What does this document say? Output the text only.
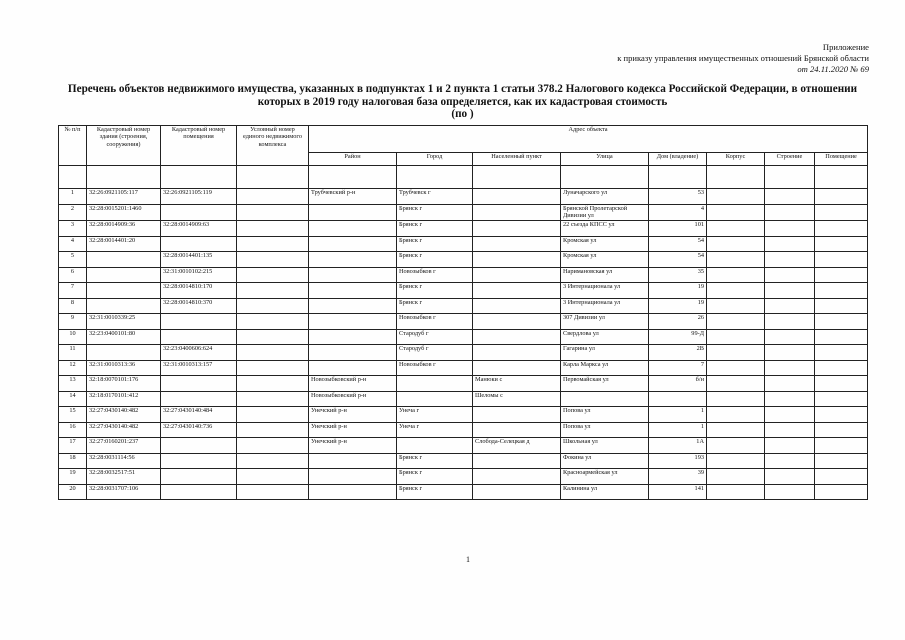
Приложение
к приказу управления имущественных отношений Брянской области
от 24.11.2020 № 69
Перечень объектов недвижимого имущества, указанных в подпунктах 1 и 2 пункта 1 статьи 378.2 Налогового кодекса Российской Федерации, в отношении
которых в 2019 году налоговая база определяется, как их кадастровая стоимость
(по )
№ п/п	Кадастровый номер здания (строения, сооружения)	Кадастровый номер помещения	Условный номер единого недвижимого комплекса	Адрес объекта							
				Район	Город	Населенный пункт	Улица	Дом (владение)	Корпус	Строение	Помещение

1	32:26:0921105:117	32:26:0921105:119		Трубчевский р-н	Трубчевск г		Луначарского ул	53			
2	32:28:0015201:1460				Брянск г		Брянской Пролетарской Дивизии ул	4			
3	32:28:0014909:36	32:28:0014909:63			Брянск г		22 съезда КПСС ул	101			
4	32:28:0014401:20				Брянск г		Кромская ул	54			
5		32:28:0014401:135			Брянск г		Кромская ул	54			
6		32:31:0010102:215			Новозыбков г		Наримановская ул	35			
7		32:28:0014810:170			Брянск г		3 Интернационала ул	19			
8		32:28:0014810:370			Брянск г		3 Интернационала ул	19			
9	32:31:0010339:25				Новозыбков г		307 Дивизии ул	26			
10	32:23:0400101:80				Стародуб г		Свердлова ул	99-Д			
11		32:23:0400606:624			Стародуб г		Гагарина ул	2В			
12	32:31:0010313:36	32:31:0010313:157			Новозыбков г		Карла Маркса ул	7			
13	32:18:0070101:176			Новозыбковский р-н		Манюки с	Первомайская ул	б/н			
14	32:18:0170101:412			Новозыбковский р-н		Шеломы с					
15	32:27:0430140:482	32:27:0430140:484		Унечский р-н	Унеча г		Попова ул	1			
16	32:27:0430140:482	32:27:0430140:736		Унечский р-н	Унеча г		Попова ул	1			
17	32:27:0160201:237			Унечский р-н		Слобода-Селецкая д	Школьная ул	1А			
18	32:28:0031114:56				Брянск г		Фокина ул	193			
19	32:28:0032517:51				Брянск г		Красноармейская ул	39			
20	32:28:0031707:106				Брянск г		Калинина ул	141			
1
